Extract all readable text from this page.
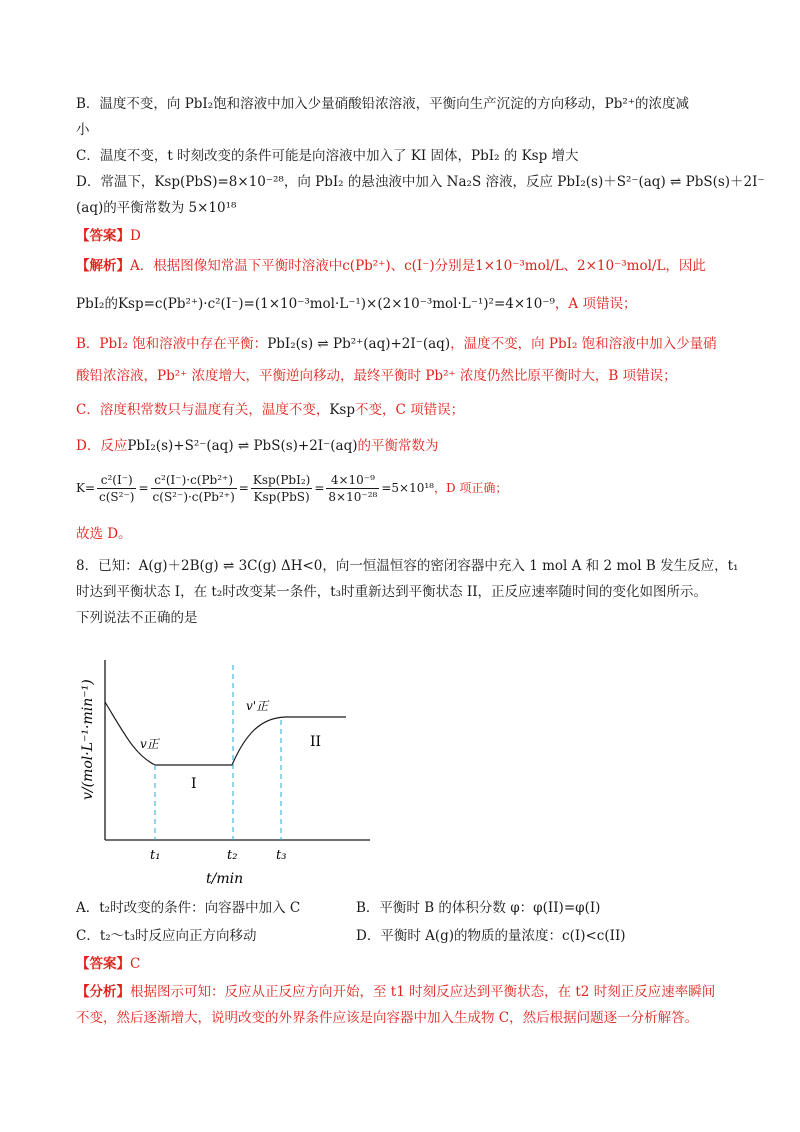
B．温度不变，向 PbI₂饱和溶液中加入少量硝酸铅浓溶液，平衡向生产沉淀的方向移动，Pb²⁺的浓度减
小
C．温度不变，t 时刻改变的条件可能是向溶液中加入了 KI 固体，PbI₂ 的 Ksp 增大
D．常温下，Ksp(PbS)=8×10⁻²⁸，向 PbI₂ 的悬浊液中加入 Na₂S 溶液，反应 PbI₂(s)＋S²⁻(aq) ⇌ PbS(s)＋2I⁻
(aq)的平衡常数为 5×10¹⁸
【答案】D
【解析】A．根据图像知常温下平衡时溶液中c(Pb²⁺)、c(I⁻)分别是1×10⁻³mol/L、2×10⁻³mol/L，因此
PbI₂的Ksp=c(Pb²⁺)·c²(I⁻)=(1×10⁻³mol·L⁻¹)×(2×10⁻³mol·L⁻¹)²=4×10⁻⁹，A 项错误；
B．PbI₂ 饱和溶液中存在平衡：PbI₂(s) ⇌ Pb²⁺(aq)+2I⁻(aq)，温度不变，向 PbI₂ 饱和溶液中加入少量硝
酸铅浓溶液，Pb²⁺ 浓度增大，平衡逆向移动，最终平衡时 Pb²⁺ 浓度仍然比原平衡时大，B 项错误；
C．溶度积常数只与温度有关，温度不变，Ksp不变，C 项错误；
D．反应PbI₂(s)+S²⁻(aq) ⇌ PbS(s)+2I⁻(aq)的平衡常数为
$K= \frac{\text{c²(I⁻)}}{\text{c(S²⁻)}} = \frac{\text{c²(I⁻)·c(Pb²⁺)}}{\text{c(S²⁻)·c(Pb²⁺)}} = \frac{\text{Ksp(PbI₂)}}{\text{Ksp(PbS)}} = \frac{\text{4×10⁻⁹}}{\text{8×10⁻²⁸}} =5\times 10^{18}$，D 项正确；
故选 D。
8．已知：A(g)＋2B(g) ⇌ 3C(g) ΔH<0，向一恒温恒容的密闭容器中充入 1 mol A 和 2 mol B 发生反应，t₁
时达到平衡状态 I，在 t₂时改变某一条件，t₃时重新达到平衡状态 II，正反应速率随时间的变化如图所示。
下列说法不正确的是
v/(mol·L⁻¹·min⁻¹)	v正
v'正
I
II
t₁	t₂	t₃
t/min
A．t₂时改变的条件：向容器中加入 C	B．平衡时 B 的体积分数 φ：φ(II)=φ(I)
C．t₂～t₃时反应向正方向移动	D．平衡时 A(g)的物质的量浓度：c(I)<c(II)
【答案】C
【分析】根据图示可知：反应从正反应方向开始，至 t1 时刻反应达到平衡状态，在 t2 时刻正反应速率瞬间
不变，然后逐渐增大，说明改变的外界条件应该是向容器中加入生成物 C，然后根据问题逐一分析解答。
